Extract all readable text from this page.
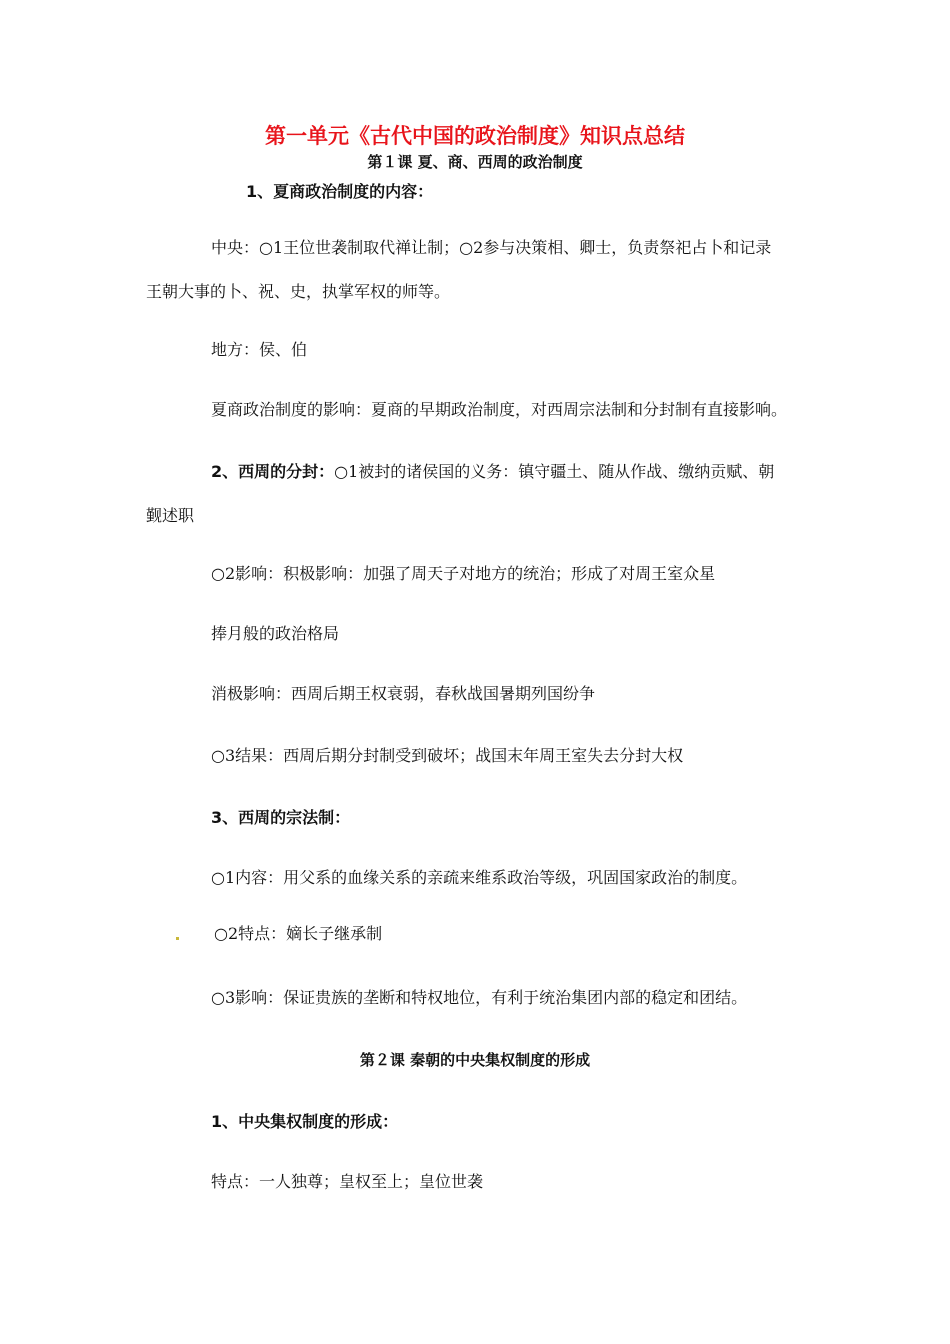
第一单元《古代中国的政治制度》知识点总结
第１课 夏、商、西周的政治制度
1、夏商政治制度的内容：
中央：○1王位世袭制取代禅让制；○2参与决策相、卿士，负责祭祀占卜和记录
王朝大事的卜、祝、史，执掌军权的师等。
地方：侯、伯
夏商政治制度的影响：夏商的早期政治制度，对西周宗法制和分封制有直接影响。
2、西周的分封：○1被封的诸侯国的义务：镇守疆土、随从作战、缴纳贡赋、朝
觐述职
○2影响：积极影响：加强了周天子对地方的统治；形成了对周王室众星
捧月般的政治格局
消极影响：西周后期王权衰弱，春秋战国暑期列国纷争
○3结果：西周后期分封制受到破坏；战国末年周王室失去分封大权
3、西周的宗法制：
○1内容：用父系的血缘关系的亲疏来维系政治等级，巩固国家政治的制度。
○2特点：嫡长子继承制
○3影响：保证贵族的垄断和特权地位，有利于统治集团内部的稳定和团结。
第２课 秦朝的中央集权制度的形成
1、中央集权制度的形成：
特点：一人独尊；皇权至上；皇位世袭
